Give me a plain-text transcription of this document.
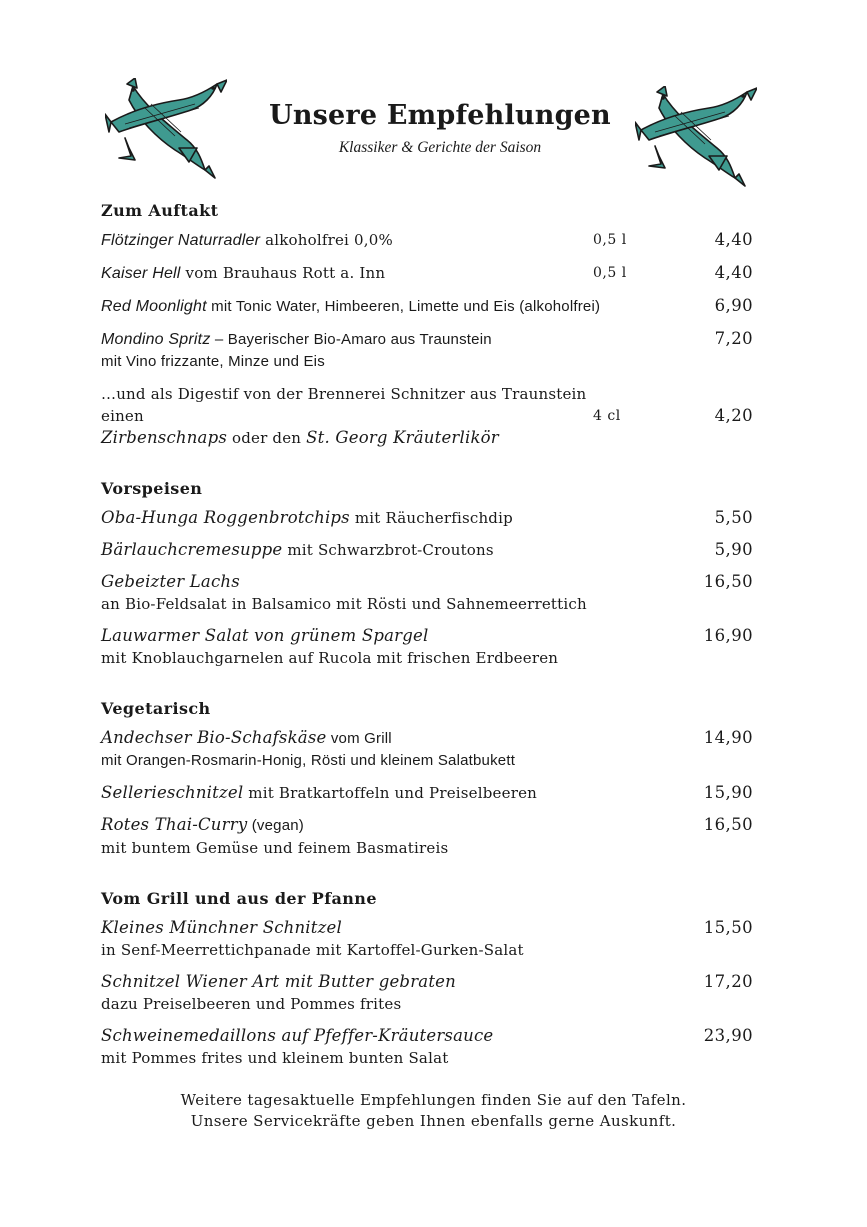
Unsere Empfehlungen
Klassiker & Gerichte der Saison
Zum Auftakt
Flötzinger Naturradler alkoholfrei 0,0%	0,5 l	4,40
Kaiser Hell vom Brauhaus Rott a. Inn	0,5 l	4,40
Red Moonlight mit Tonic Water, Himbeeren, Limette und Eis (alkoholfrei)	6,90
Mondino Spritz – Bayerischer Bio-Amaro aus Traunstein
mit Vino frizzante, Minze und Eis
7,20
…und als Digestif von der Brennerei Schnitzer aus Traunstein einen
Zirbenschnaps oder den St. Georg Kräuterlikör
4 cl	4,20
Vorspeisen
Oba-Hunga Roggenbrotchips mit Räucherfischdip	5,50
Bärlauchcremesuppe mit Schwarzbrot-Croutons	5,90
Gebeizter Lachs
an Bio-Feldsalat in Balsamico mit Rösti und Sahnemeerrettich
16,50
Lauwarmer Salat von grünem Spargel
mit Knoblauchgarnelen auf Rucola mit frischen Erdbeeren
16,90
Vegetarisch
Andechser Bio-Schafskäse vom Grill
mit Orangen-Rosmarin-Honig, Rösti und kleinem Salatbukett
14,90
Sellerieschnitzel mit Bratkartoffeln und Preiselbeeren	15,90
Rotes Thai-Curry (vegan)
mit buntem Gemüse und feinem Basmatireis
16,50
Vom Grill und aus der Pfanne
Kleines Münchner Schnitzel
in Senf-Meerrettichpanade mit Kartoffel-Gurken-Salat
15,50
Schnitzel Wiener Art mit Butter gebraten
dazu Preiselbeeren und Pommes frites
17,20
Schweinemedaillons auf Pfeffer-Kräutersauce
mit Pommes frites und kleinem bunten Salat
23,90
Weitere tagesaktuelle Empfehlungen finden Sie auf den Tafeln.
Unsere Servicekräfte geben Ihnen ebenfalls gerne Auskunft.
